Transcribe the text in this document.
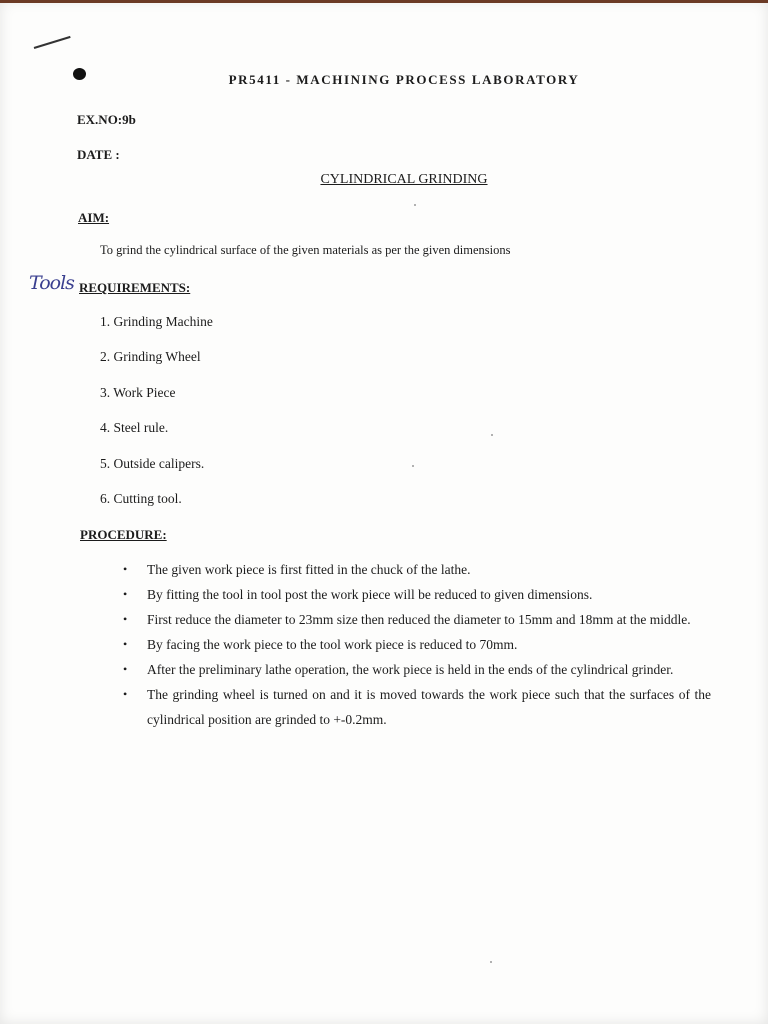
PR5411 - MACHINING PROCESS LABORATORY
EX.NO:9b
DATE :
CYLINDRICAL GRINDING
AIM:
To grind the cylindrical surface of the given materials as per the given dimensions
Tools REQUIREMENTS:
1. Grinding Machine
2. Grinding Wheel
3. Work Piece
4. Steel rule.
5. Outside calipers.
6. Cutting tool.
PROCEDURE:
• The given work piece is first fitted in the chuck of the lathe.
• By fitting the tool in tool post the work piece will be reduced to given dimensions.
• First reduce the diameter to 23mm size then reduced the diameter to 15mm and 18mm at the middle.
• By facing the work piece to the tool work piece is reduced to 70mm.
• After the preliminary lathe operation, the work piece is held in the ends of the cylindrical grinder.
• The grinding wheel is turned on and it is moved towards the work piece such that the surfaces of the cylindrical position are grinded to +-0.2mm.
